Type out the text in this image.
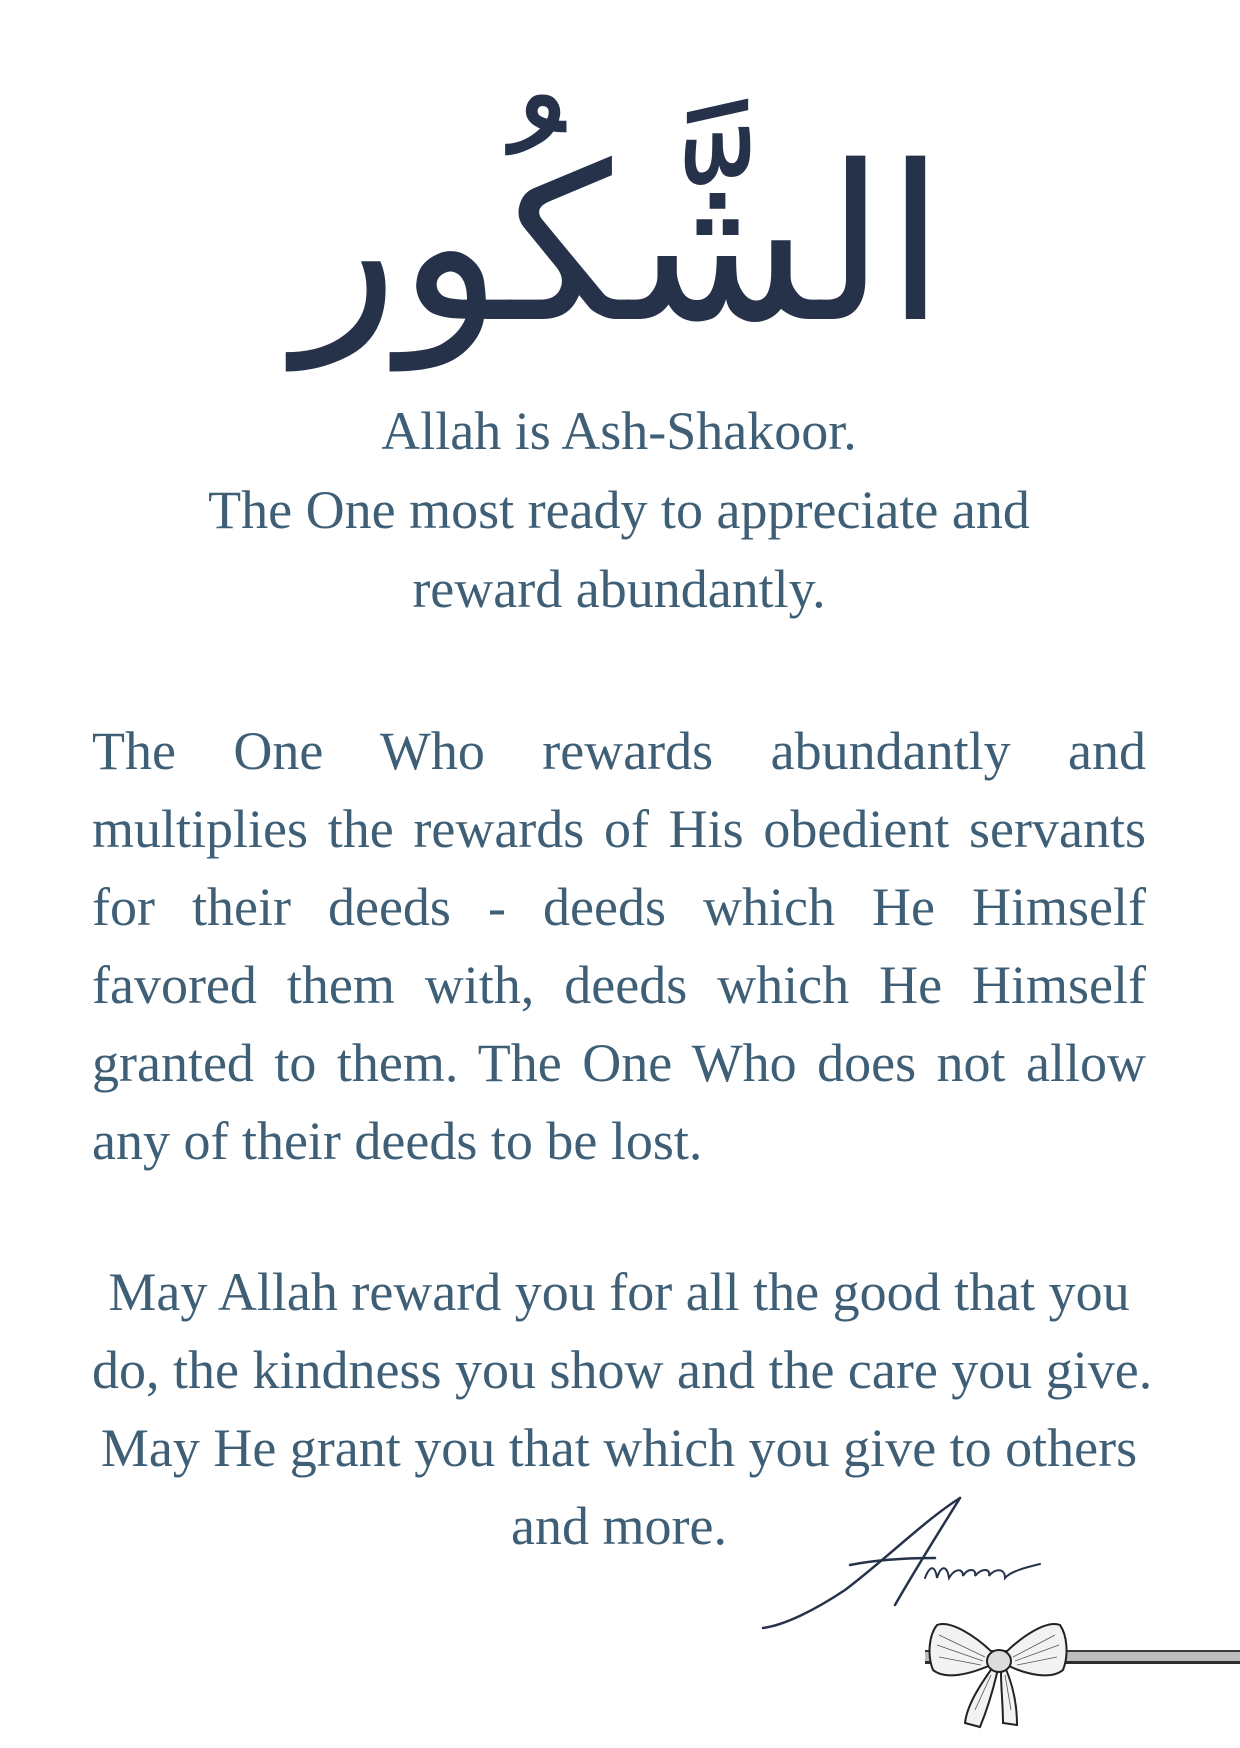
الشَّكُور
Allah is Ash-Shakoor.
The One most ready to appreciate and
reward abundantly.
The One Who rewards abundantly and
multiplies the rewards of His obedient servants
for their deeds - deeds which He Himself
favored them with, deeds which He Himself
granted to them. The One Who does not allow
any of their deeds to be lost.
May Allah reward you for all the good that you
do, the kindness you show and the care you give.
May He grant you that which you give to others
and more.
